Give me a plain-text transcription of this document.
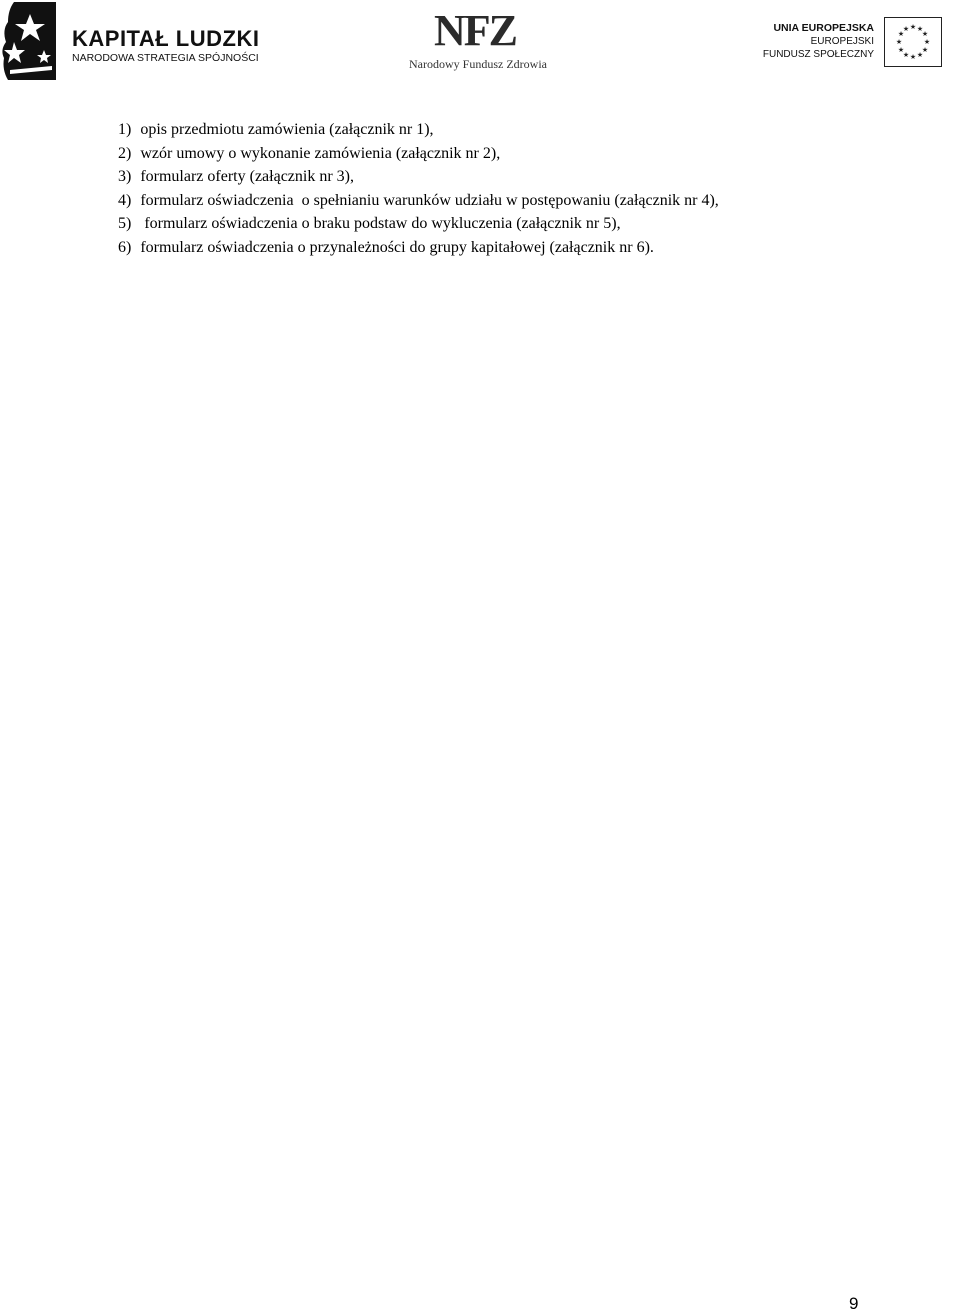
KAPITAŁ LUDZKI
NARODOWA STRATEGIA SPÓJNOŚCI
NFZ
Narodowy Fundusz Zdrowia
UNIA EUROPEJSKA
EUROPEJSKI
FUNDUSZ SPOŁECZNY
★ ★
★
★
★
★
★
★
★
★
★
★
1) opis przedmiotu zamówienia (załącznik nr 1),
2) wzór umowy o wykonanie zamówienia (załącznik nr 2),
3) formularz oferty (załącznik nr 3),
4) formularz oświadczenia  o spełnianiu warunków udziału w postępowaniu (załącznik nr 4),
5) formularz oświadczenia o braku podstaw do wykluczenia (załącznik nr 5),
6) formularz oświadczenia o przynależności do grupy kapitałowej (załącznik nr 6).
9
